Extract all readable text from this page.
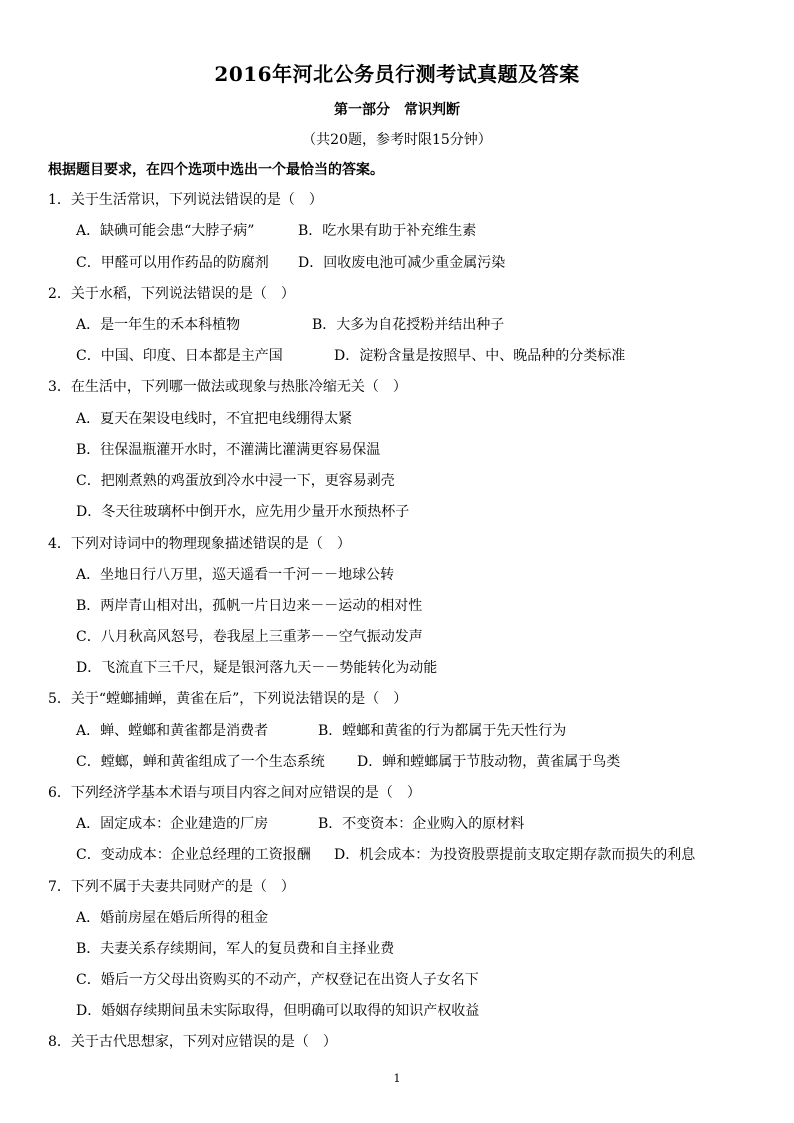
2016年河北公务员行测考试真题及答案
第一部分 常识判断
（共20题，参考时限15分钟）
根据题目要求，在四个选项中选出一个最恰当的答案。
1．关于生活常识，下列说法错误的是（　）
A．缺碘可能会患“大脖子病”	B．吃水果有助于补充维生素
C．甲醛可以用作药品的防腐剂 D．回收废电池可减少重金属污染
2．关于水稻，下列说法错误的是（　）
A．是一年生的禾本科植物	B．大多为自花授粉并结出种子
C．中国、印度、日本都是主产国	D．淀粉含量是按照早、中、晚品种的分类标准
3．在生活中，下列哪一做法或现象与热胀冷缩无关（　）
A．夏天在架设电线时，不宜把电线绷得太紧
B．往保温瓶灌开水时，不灌满比灌满更容易保温
C．把刚煮熟的鸡蛋放到冷水中浸一下，更容易剥壳
D．冬天往玻璃杯中倒开水，应先用少量开水预热杯子
4．下列对诗词中的物理现象描述错误的是（　）
A．坐地日行八万里，巡天遥看一千河－－地球公转
B．两岸青山相对出，孤帆一片日边来－－运动的相对性
C．八月秋高风怒号，卷我屋上三重茅－－空气振动发声
D．飞流直下三千尺，疑是银河落九天－－势能转化为动能
5．关于“螳螂捕蝉，黄雀在后”，下列说法错误的是（　）
A．蝉、螳螂和黄雀都是消费者	B．螳螂和黄雀的行为都属于先天性行为
C．螳螂，蝉和黄雀组成了一个生态系统 D．蝉和螳螂属于节肢动物，黄雀属于鸟类
6．下列经济学基本术语与项目内容之间对应错误的是（　）
A．固定成本：企业建造的厂房	B．不变资本：企业购入的原材料
C．变动成本：企业总经理的工资报酬 D．机会成本：为投资股票提前支取定期存款而损失的利息
7．下列不属于夫妻共同财产的是（　）
A．婚前房屋在婚后所得的租金
B．夫妻关系存续期间，军人的复员费和自主择业费
C．婚后一方父母出资购买的不动产，产权登记在出资人子女名下
D．婚姻存续期间虽未实际取得，但明确可以取得的知识产权收益
8．关于古代思想家，下列对应错误的是（　）
1
